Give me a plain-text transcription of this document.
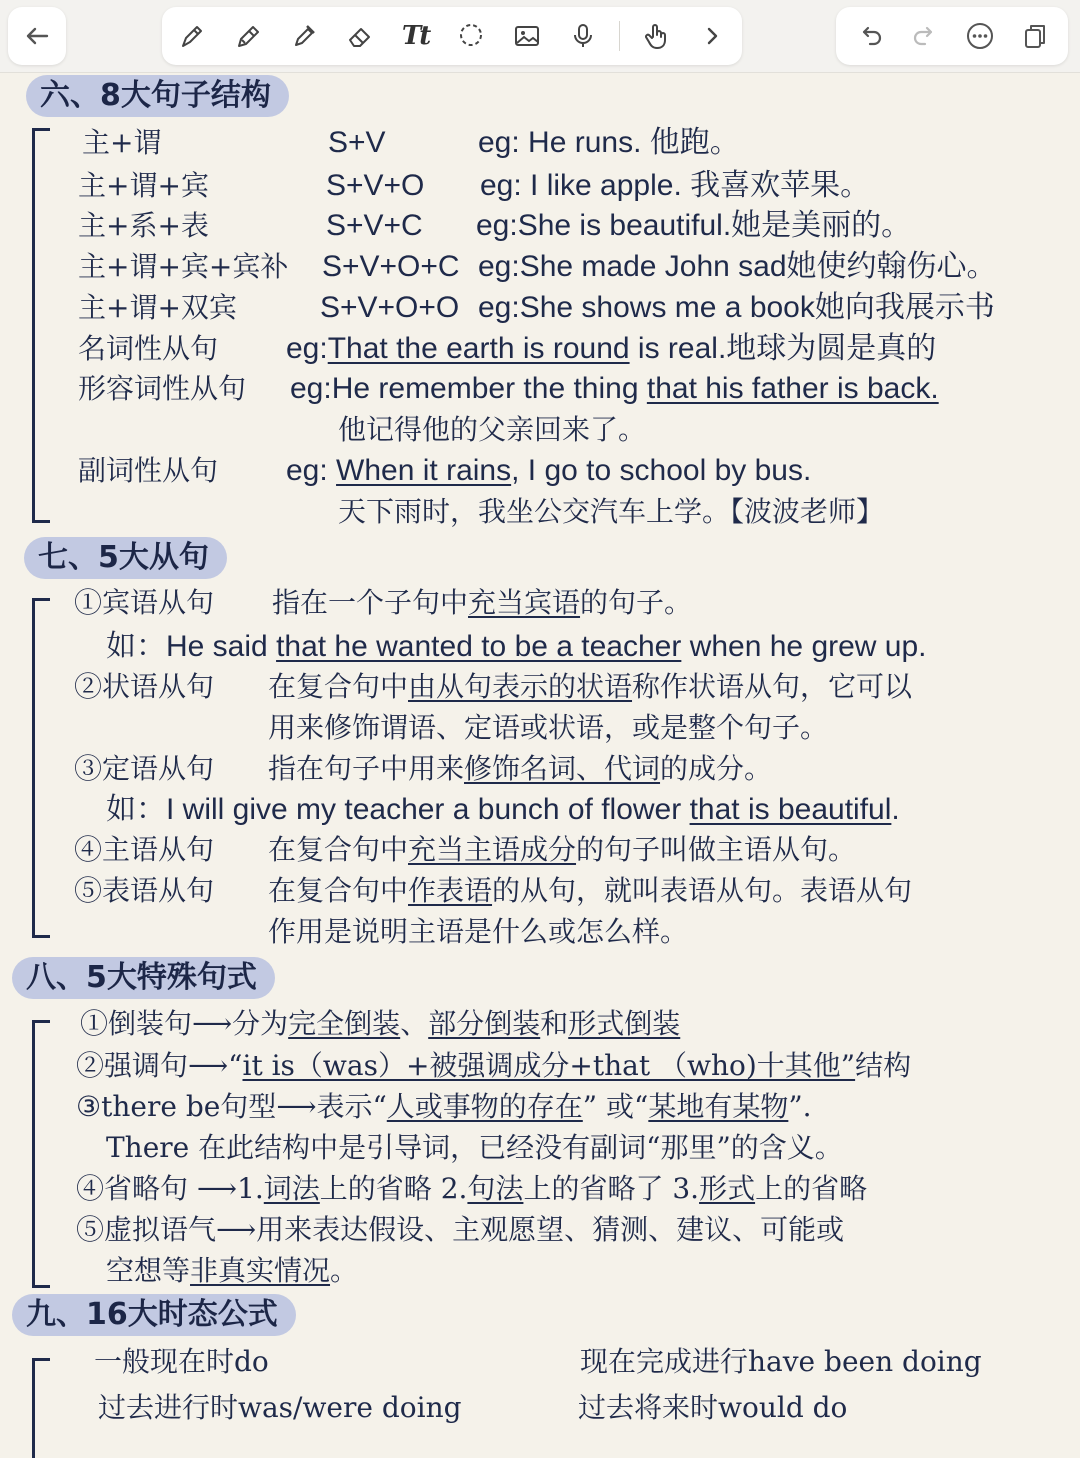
Tt
六、8大句子结构
主+谓	S+V	eg: He runs. 他跑。
主+谓+宾	S+V+O eg: I like apple. 我喜欢苹果。
主+系+表	S+V+C eg:She is beautiful.她是美丽的。
主+谓+宾+宾补 S+V+O+C eg:She made John sad她使约翰伤心。
主+谓+双宾	S+V+O+O eg:She shows me a book她向我展示书
名词性从句 eg:That the earth is round is real.地球为圆是真的
形容词性从句 eg:He remember the thing that his father is back.
他记得他的父亲回来了。
副词性从句 eg: When it rains, I go to school by bus.
天下雨时，我坐公交汽车上学。【波波老师】
七、5大从句
①宾语从句 指在一个子句中充当宾语的句子。
如：He said that he wanted to be a teacher when he grew up.
②状语从句 在复合句中由从句表示的状语称作状语从句，它可以
用来修饰谓语、定语或状语，或是整个句子。
③定语从句 指在句子中用来修饰名词、代词的成分。
如：I will give my teacher a bunch of flower that is beautiful.
④主语从句 在复合句中充当主语成分的句子叫做主语从句。
⑤表语从句 在复合句中作表语的从句，就叫表语从句。表语从句
作用是说明主语是什么或怎么样。
八、5大特殊句式
①倒装句⟶分为完全倒装、部分倒装和形式倒装
②强调句⟶“it is（was）+被强调成分+that （who)十其他”结构
③there be句型⟶表示“人或事物的存在” 或“某地有某物”.
There 在此结构中是引导词，已经没有副词“那里”的含义。
④省略句 ⟶1.词法上的省略 2.句法上的省略了 3.形式上的省略
⑤虚拟语气⟶用来表达假设、主观愿望、猜测、建议、可能或
空想等非真实情况。
九、16大时态公式
一般现在时do	现在完成进行have been doing
过去进行时was/were doing	过去将来时would do
